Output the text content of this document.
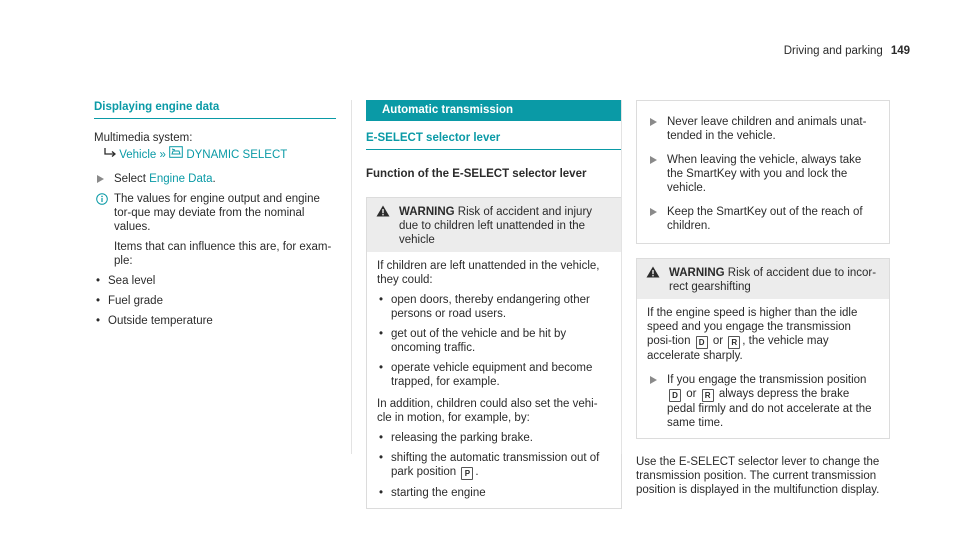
Driving and parking 149
Displaying engine data

Multimedia system:

Vehicle » DYNAMIC SELECT
Select Engine Data.
The values for engine output and engine tor-que may deviate from the nominal values.

Items that can influence this are, for exam-ple:

• Sea level
• Fuel grade
• Outside temperature
Automatic transmission
E-SELECT selector lever
Function of the E-SELECT selector lever
WARNING Risk of accident and injury due to children left unattended in the vehicle

If children are left unattended in the vehicle, they could:

• open doors, thereby endangering other persons or road users.
• get out of the vehicle and be hit by oncoming traffic.
• operate vehicle equipment and become trapped, for example.

In addition, children could also set the vehi-cle in motion, for example, by:

• releasing the parking brake.
• shifting the automatic transmission out of park position P .
• starting the engine
Never leave children and animals unat-tended in the vehicle.
When leaving the vehicle, always take the SmartKey with you and lock the vehicle.
Keep the SmartKey out of the reach of children.
WARNING Risk of accident due to incor-rect gearshifting

If the engine speed is higher than the idle speed and you engage the transmission posi-tion D or R , the vehicle may accelerate sharply.

If you engage the transmission position D or R always depress the brake pedal firmly and do not accelerate at the same time.

Use the E-SELECT selector lever to change the transmission position. The current transmission position is displayed in the multifunction display.
